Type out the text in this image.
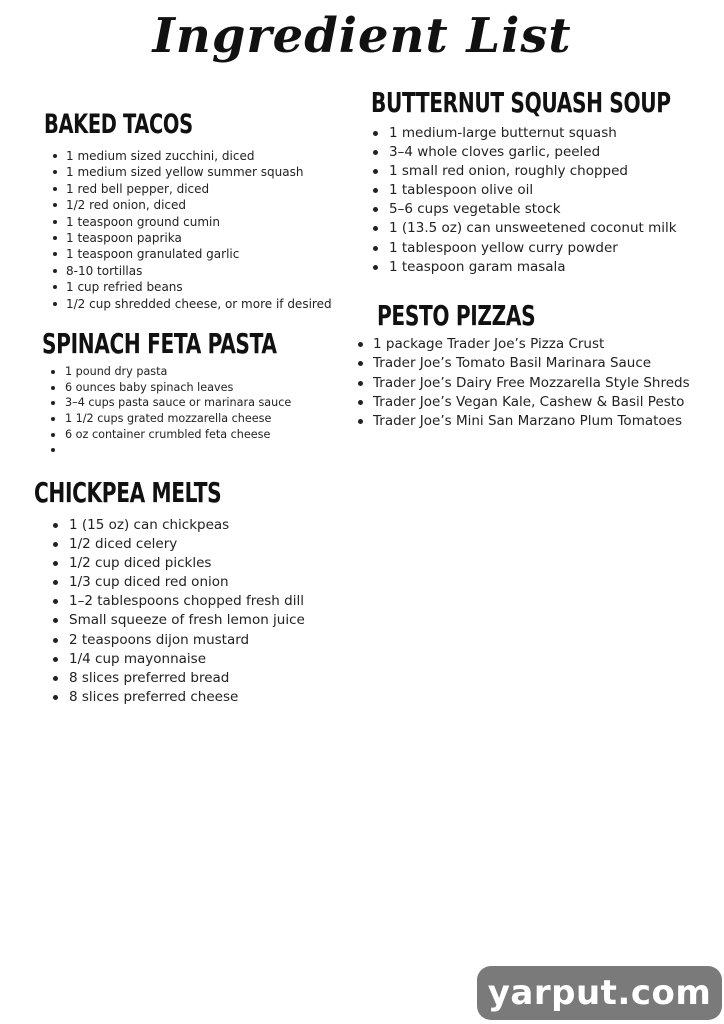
Ingredient List
BAKED TACOS
1 medium sized zucchini, diced
1 medium sized yellow summer squash
1 red bell pepper, diced
1/2 red onion, diced
1 teaspoon ground cumin
1 teaspoon paprika
1 teaspoon granulated garlic
8-10 tortillas
1 cup refried beans
1/2 cup shredded cheese, or more if desired
SPINACH FETA PASTA
1 pound dry pasta
6 ounces baby spinach leaves
3–4 cups pasta sauce or marinara sauce
1 1/2 cups grated mozzarella cheese
6 oz container crumbled feta cheese
CHICKPEA MELTS
1 (15 oz) can chickpeas
1/2 diced celery
1/2 cup diced pickles
1/3 cup diced red onion
1–2 tablespoons chopped fresh dill
Small squeeze of fresh lemon juice
2 teaspoons dijon mustard
1/4 cup mayonnaise
8 slices preferred bread
8 slices preferred cheese
BUTTERNUT SQUASH SOUP
1 medium-large butternut squash
3–4 whole cloves garlic, peeled
1 small red onion, roughly chopped
1 tablespoon olive oil
5–6 cups vegetable stock
1 (13.5 oz) can unsweetened coconut milk
1 tablespoon yellow curry powder
1 teaspoon garam masala
PESTO PIZZAS
1 package Trader Joe’s Pizza Crust
Trader Joe’s Tomato Basil Marinara Sauce
Trader Joe’s Dairy Free Mozzarella Style Shreds
Trader Joe’s Vegan Kale, Cashew & Basil Pesto
Trader Joe’s Mini San Marzano Plum Tomatoes
yarput.com
